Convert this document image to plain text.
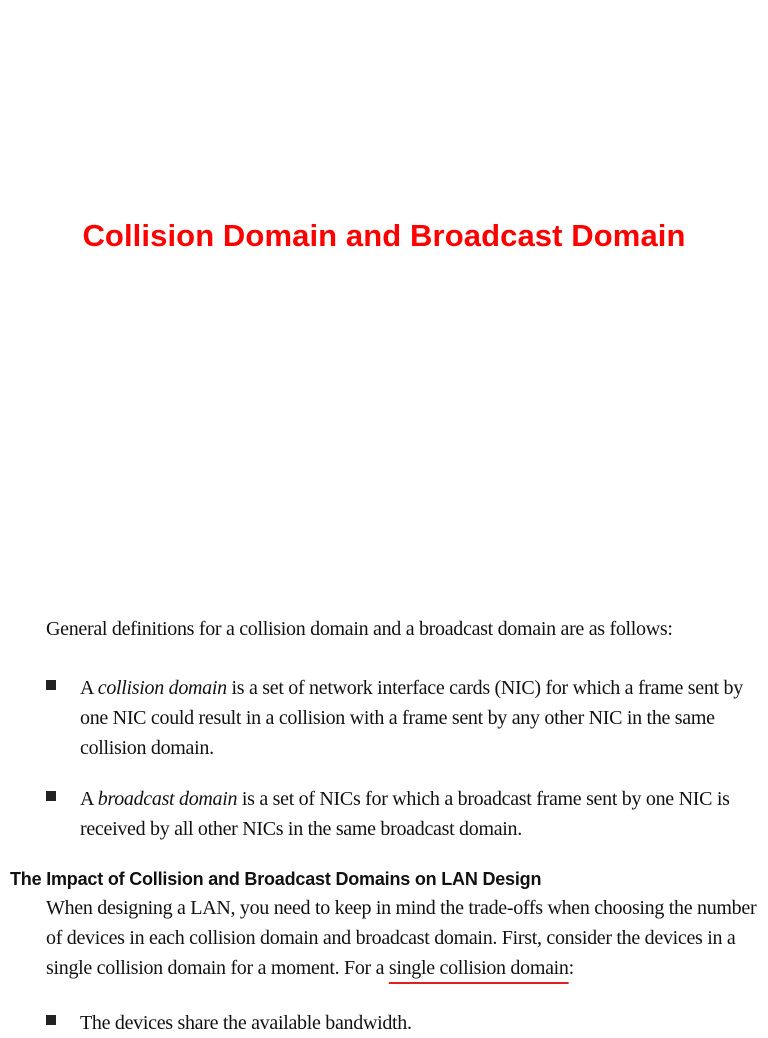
Collision Domain and Broadcast Domain

General definitions for a collision domain and a broadcast domain are as follows:

A collision domain is a set of network interface cards (NIC) for which a frame sent by one NIC could result in a collision with a frame sent by any other NIC in the same collision domain.

A broadcast domain is a set of NICs for which a broadcast frame sent by one NIC is received by all other NICs in the same broadcast domain.

The Impact of Collision and Broadcast Domains on LAN Design

When designing a LAN, you need to keep in mind the trade-offs when choosing the number of devices in each collision domain and broadcast domain. First, consider the devices in a single collision domain for a moment. For a single collision domain:

The devices share the available bandwidth.
